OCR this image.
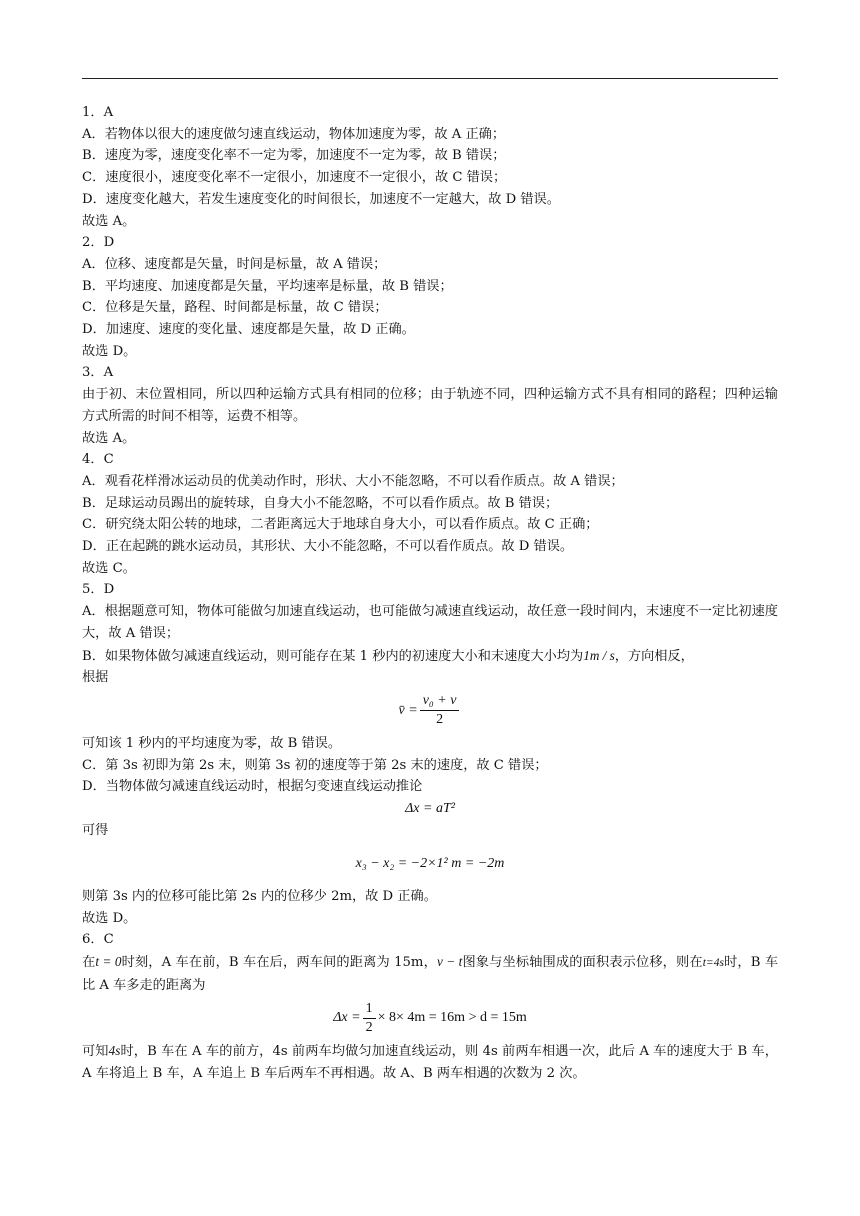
1．A
A．若物体以很大的速度做匀速直线运动，物体加速度为零，故 A 正确；
B．速度为零，速度变化率不一定为零，加速度不一定为零，故 B 错误；
C．速度很小，速度变化率不一定很小，加速度不一定很小，故 C 错误；
D．速度变化越大，若发生速度变化的时间很长，加速度不一定越大，故 D 错误。
故选 A。
2．D
A．位移、速度都是矢量，时间是标量，故 A 错误；
B．平均速度、加速度都是矢量，平均速率是标量，故 B 错误；
C．位移是矢量，路程、时间都是标量，故 C 错误；
D．加速度、速度的变化量、速度都是矢量，故 D 正确。
故选 D。
3．A
由于初、末位置相同，所以四种运输方式具有相同的位移；由于轨迹不同，四种运输方式不具有相同的路程；四种运输方式所需的时间不相等，运费不相等。
故选 A。
4．C
A．观看花样滑冰运动员的优美动作时，形状、大小不能忽略，不可以看作质点。故 A 错误；
B．足球运动员踢出的旋转球，自身大小不能忽略，不可以看作质点。故 B 错误；
C．研究绕太阳公转的地球，二者距离远大于地球自身大小，可以看作质点。故 C 正确；
D．正在起跳的跳水运动员，其形状、大小不能忽略，不可以看作质点。故 D 错误。
故选 C。
5．D
A．根据题意可知，物体可能做匀加速直线运动，也可能做匀减速直线运动，故任意一段时间内，末速度不一定比初速度大，故 A 错误；
B．如果物体做匀减速直线运动，则可能存在某 1 秒内的初速度大小和末速度大小均为1m / s，方向相反，
根据
v̄ = $\frac{\text{v₀ + v}}{2}$
可知该 1 秒内的平均速度为零，故 B 错误。
C．第 3s 初即为第 2s 末，则第 3s 初的速度等于第 2s 末的速度，故 C 错误；
D．当物体做匀减速直线运动时，根据匀变速直线运动推论
Δx = aT²
可得
x₃ − x₂ = −2×1² m = −2m
则第 3s 内的位移可能比第 2s 内的位移少 2m，故 D 正确。
故选 D。
6．C
在t = 0时刻，A 车在前，B 车在后，两车间的距离为 15m，v − t图象与坐标轴围成的面积表示位移，则在t=4s时，B 车比 A 车多走的距离为
$\Delta x = \frac{1}{2} \times 8\times 4m = 16m > d = 15m$
可知4s时，B 车在 A 车的前方，4s 前两车均做匀加速直线运动，则 4s 前两车相遇一次，此后 A 车的速度大于 B 车，A 车将追上 B 车，A 车追上 B 车后两车不再相遇。故 A、B 两车相遇的次数为 2 次。
